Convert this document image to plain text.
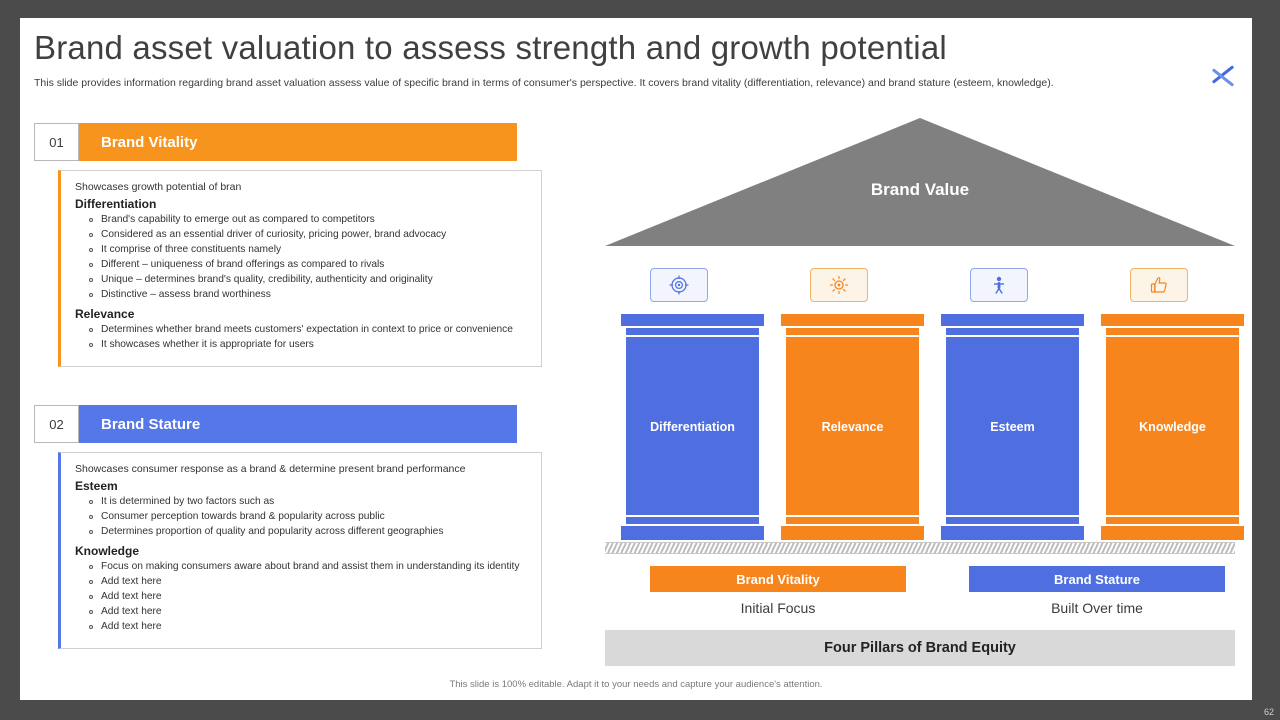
Brand asset valuation to assess strength and growth potential
This slide provides information regarding brand asset valuation assess value of specific brand in terms of consumer's perspective. It covers brand vitality (differentiation, relevance) and brand stature (esteem, knowledge).
01	Brand Vitality
Showcases growth potential of bran
Differentiation
Brand's capability to emerge out as compared to competitors
Considered as an essential driver of curiosity, pricing power, brand advocacy
It comprise of three constituents namely
Different – uniqueness of brand offerings as compared to rivals
Unique – determines brand's quality, credibility, authenticity and originality
Distinctive – assess brand worthiness
Relevance
Determines whether brand meets customers' expectation in context to price or convenience
It showcases whether it is appropriate for users
02	Brand Stature
Showcases consumer response as a brand & determine present brand performance
Esteem
It is determined by two factors such as
Consumer perception towards brand & popularity across public
Determines proportion of quality and popularity across different geographies
Knowledge
Focus on making consumers aware about brand and assist them in understanding its identity
Add text here
Add text here
Add text here
Add text here
Brand Value
Differentiation	Relevance	Esteem	Knowledge
Brand Vitality	Brand Stature
Initial Focus	Built Over time
Four Pillars of Brand Equity
This slide is 100% editable. Adapt it to your needs and capture your audience's attention.
62
